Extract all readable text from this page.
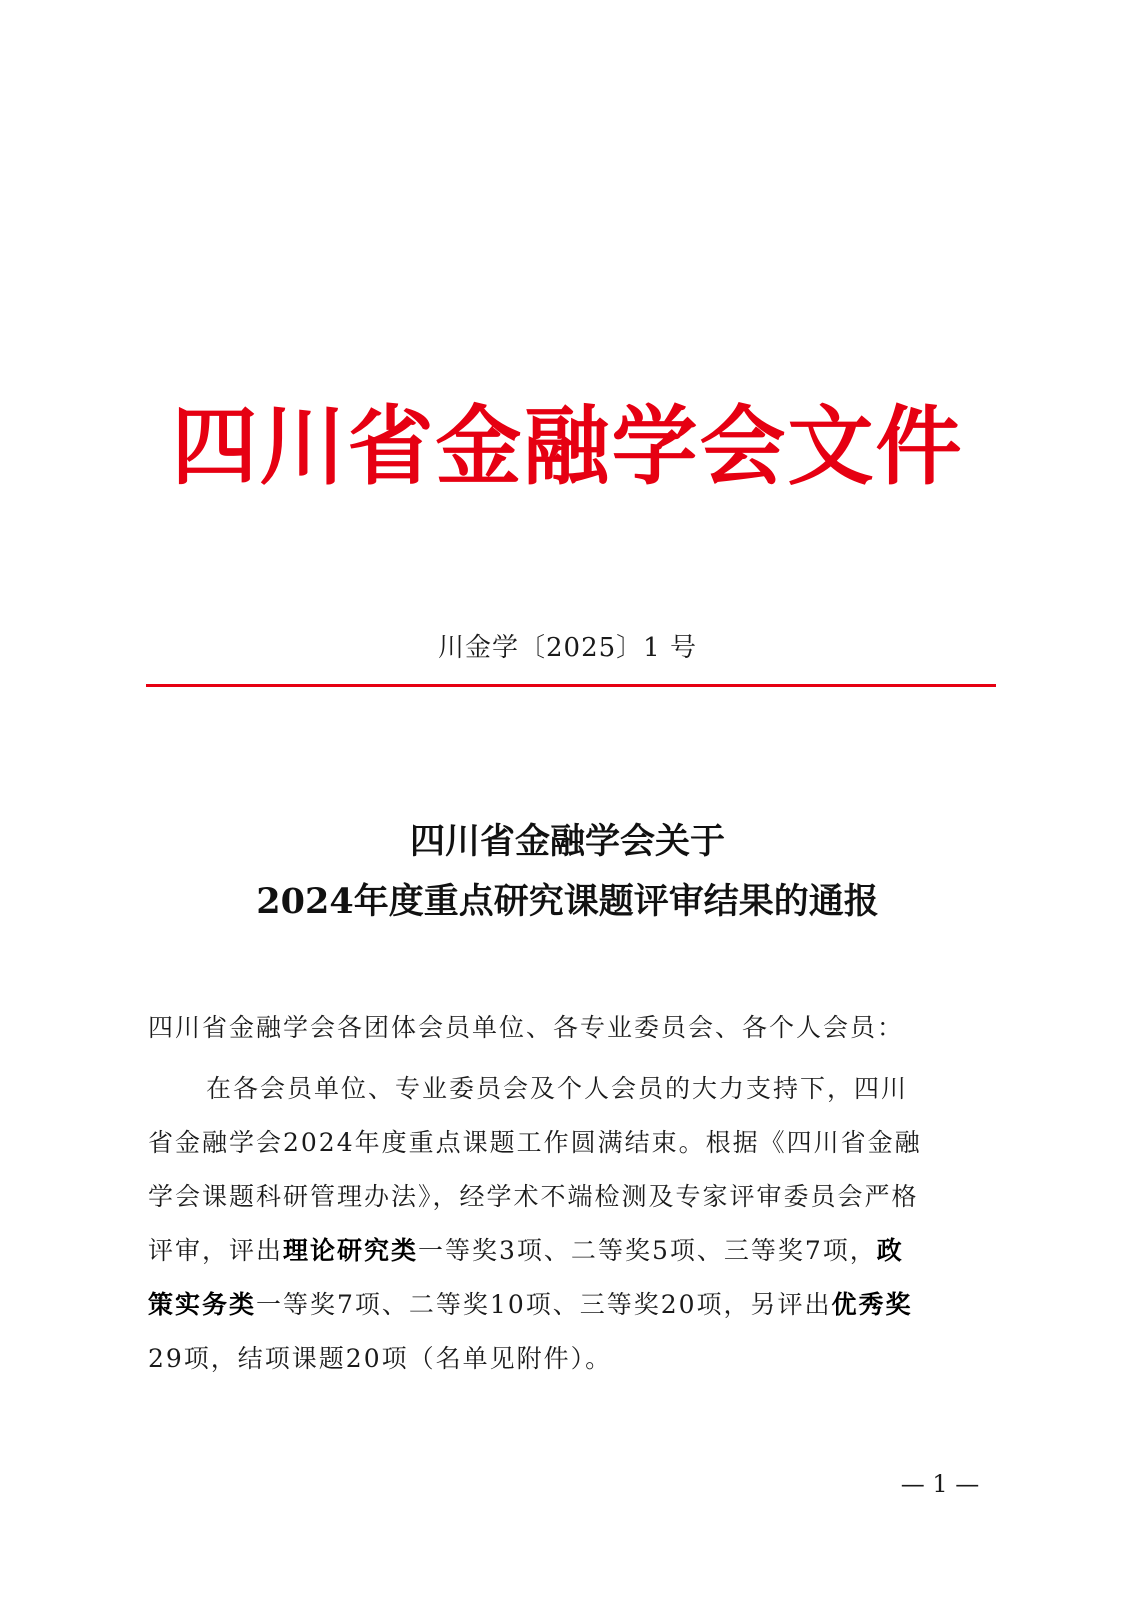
四川省金融学会文件
川金学〔2025〕1 号
四川省金融学会关于
2024年度重点研究课题评审结果的通报

四川省金融学会各团体会员单位、各专业委员会、各个人会员：

在各会员单位、专业委员会及个人会员的大力支持下，四川
省金融学会2024年度重点课题工作圆满结束。根据《四川省金融
学会课题科研管理办法》，经学术不端检测及专家评审委员会严格
评审，评出理论研究类一等奖3项、二等奖5项、三等奖7项，政
策实务类一等奖7项、二等奖10项、三等奖20项，另评出优秀奖
29项，结项课题20项（名单见附件）。
— 1 —
